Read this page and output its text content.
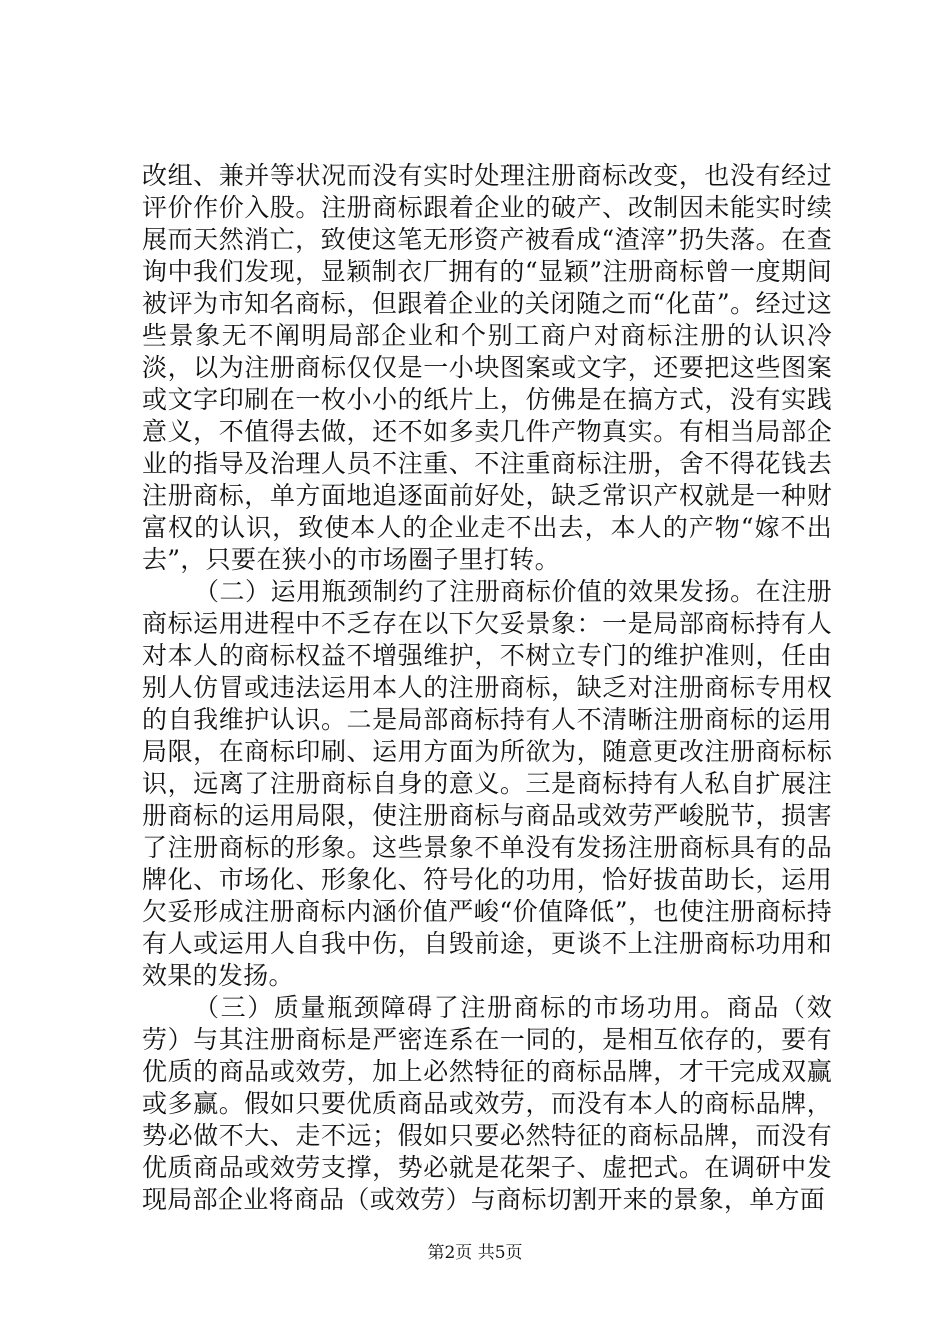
改组、兼并等状况而没有实时处理注册商标改变，也没有经过评价作价入股。注册商标跟着企业的破产、改制因未能实时续展而天然消亡，致使这笔无形资产被看成“渣滓”扔失落。在查询中我们发现，显颖制衣厂拥有的“显颖”注册商标曾一度期间被评为市知名商标，但跟着企业的关闭随之而“化苗”。经过这些景象无不阐明局部企业和个别工商户对商标注册的认识冷淡，以为注册商标仅仅是一小块图案或文字，还要把这些图案或文字印刷在一枚小小的纸片上，仿佛是在搞方式，没有实践意义，不值得去做，还不如多卖几件产物真实。有相当局部企业的指导及治理人员不注重、不注重商标注册，舍不得花钱去注册商标，单方面地追逐面前好处，缺乏常识产权就是一种财富权的认识，致使本人的企业走不出去，本人的产物“嫁不出去”，只要在狭小的市场圈子里打转。

（二）运用瓶颈制约了注册商标价值的效果发扬。在注册商标运用进程中不乏存在以下欠妥景象：一是局部商标持有人对本人的商标权益不增强维护，不树立专门的维护准则，任由别人仿冒或违法运用本人的注册商标，缺乏对注册商标专用权的自我维护认识。二是局部商标持有人不清晰注册商标的运用局限，在商标印刷、运用方面为所欲为，随意更改注册商标标识，远离了注册商标自身的意义。三是商标持有人私自扩展注册商标的运用局限，使注册商标与商品或效劳严峻脱节，损害了注册商标的形象。这些景象不单没有发扬注册商标具有的品牌化、市场化、形象化、符号化的功用，恰好拔苗助长，运用欠妥形成注册商标内涵价值严峻“价值降低”，也使注册商标持有人或运用人自我中伤，自毁前途，更谈不上注册商标功用和效果的发扬。

（三）质量瓶颈障碍了注册商标的市场功用。商品（效劳）与其注册商标是严密连系在一同的，是相互依存的，要有优质的商品或效劳，加上必然特征的商标品牌，才干完成双赢或多赢。假如只要优质商品或效劳，而没有本人的商标品牌，势必做不大、走不远；假如只要必然特征的商标品牌，而没有优质商品或效劳支撑，势必就是花架子、虚把式。在调研中发现局部企业将商品（或效劳）与商标切割开来的景象，单方面

第2页 共5页
